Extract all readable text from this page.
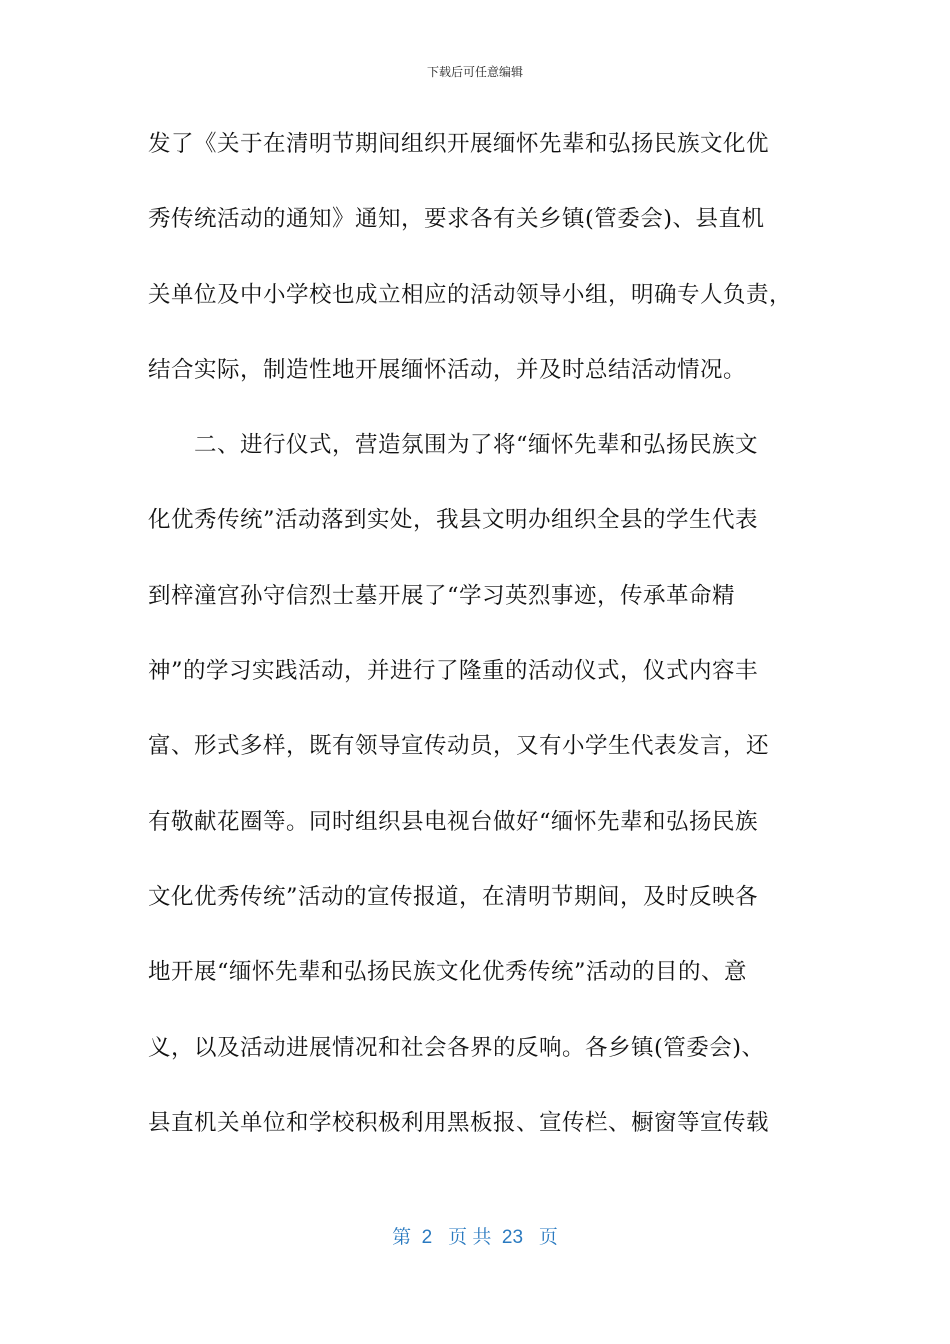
下载后可任意编辑
发了《关于在清明节期间组织开展缅怀先辈和弘扬民族文化优
秀传统活动的通知》通知，要求各有关乡镇(管委会)、县直机
关单位及中小学校也成立相应的活动领导小组，明确专人负责，
结合实际，制造性地开展缅怀活动，并及时总结活动情况。
　　二、进行仪式，营造氛围为了将“缅怀先辈和弘扬民族文
化优秀传统”活动落到实处，我县文明办组织全县的学生代表
到梓潼宫孙守信烈士墓开展了“学习英烈事迹，传承革命精
神”的学习实践活动，并进行了隆重的活动仪式，仪式内容丰
富、形式多样，既有领导宣传动员，又有小学生代表发言，还
有敬献花圈等。同时组织县电视台做好“缅怀先辈和弘扬民族
文化优秀传统”活动的宣传报道，在清明节期间，及时反映各
地开展“缅怀先辈和弘扬民族文化优秀传统”活动的目的、意
义，以及活动进展情况和社会各界的反响。各乡镇(管委会)、
县直机关单位和学校积极利用黑板报、宣传栏、橱窗等宣传载
第  2   页 共  23   页
